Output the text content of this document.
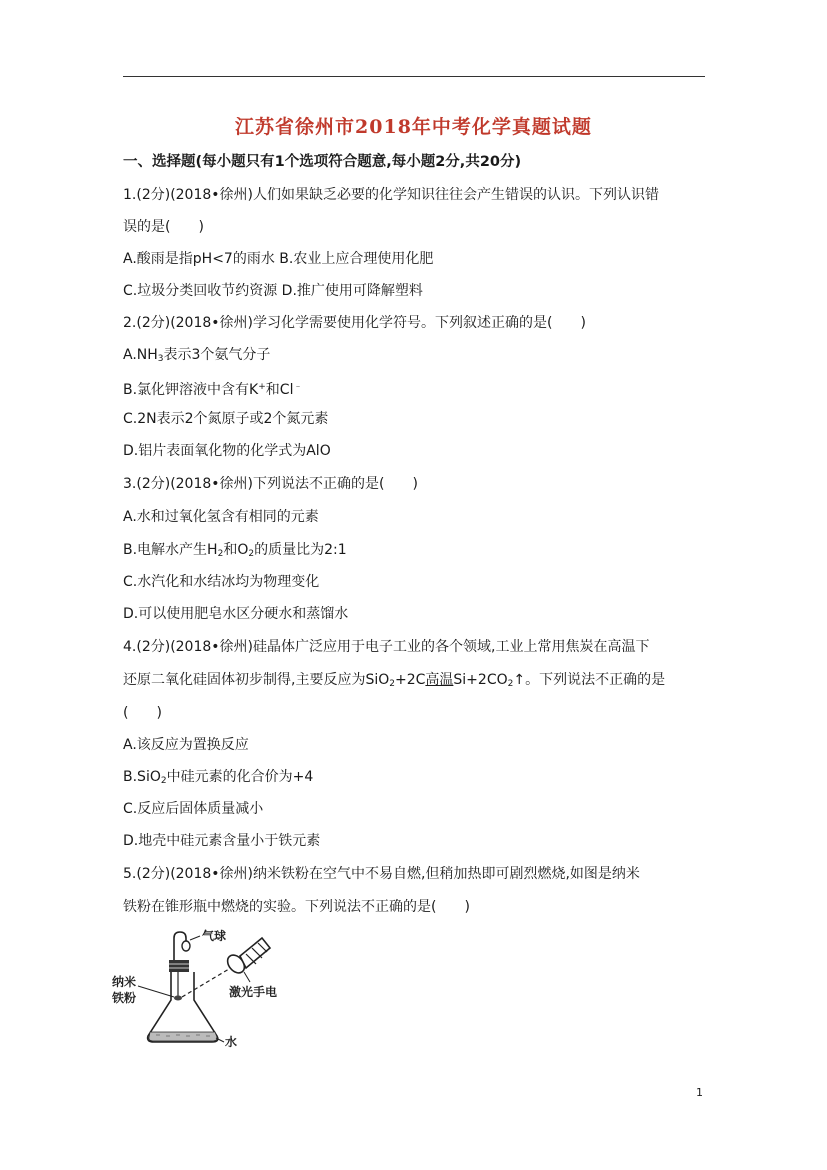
江苏省徐州市2018年中考化学真题试题
一、选择题(每小题只有1个选项符合题意,每小题2分,共20分)
1.(2分)(2018•徐州)人们如果缺乏必要的化学知识往往会产生错误的认识。下列认识错
误的是(　　)
A.酸雨是指pH<7的雨水 B.农业上应合理使用化肥
C.垃圾分类回收节约资源 D.推广使用可降解塑料
2.(2分)(2018•徐州)学习化学需要使用化学符号。下列叙述正确的是(　　)
$A.NH_3$表示3个氨气分子
B.氯化钾溶液中含有K+和Cl﹣
C.2N表示2个氮原子或2个氮元素
D.铝片表面氧化物的化学式为AlO
3.(2分)(2018•徐州)下列说法不正确的是(　　)
A.水和过氧化氢含有相同的元素
B.电解水产生$H_2$和$O_2$的质量比为2:1
C.水汽化和水结冰均为物理变化
D.可以使用肥皂水区分硬水和蒸馏水
4.(2分)(2018•徐州)硅晶体广泛应用于电子工业的各个领域,工业上常用焦炭在高温下
还原二氧化硅固体初步制得,主要反应为SiO$_2$+2C高温$Si+2CO_2↑$。下列说法不正确的是
(　　)
A.该反应为置换反应
B.SiO$_2$中硅元素的化合价为+4
C.反应后固体质量减小
D.地壳中硅元素含量小于铁元素
5.(2分)(2018•徐州)纳米铁粉在空气中不易自燃,但稍加热即可剧烈燃烧,如图是纳米
铁粉在锥形瓶中燃烧的实验。下列说法不正确的是(　　)
气球
水
纳米
铁粉	激光手电
1
